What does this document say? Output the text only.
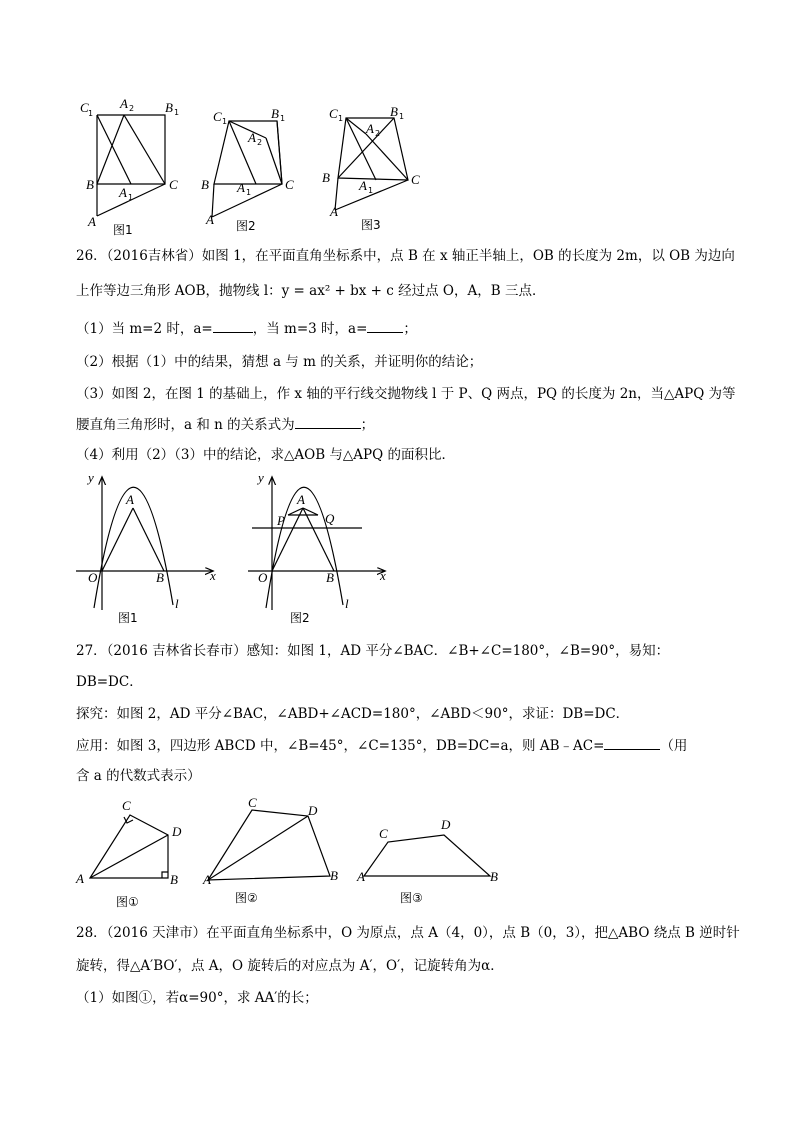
C 1
A 2 B 1
B
A 1
C
A
图1
C 1
B 1
A 2
B A 1
C
A 图2
C 1	B 1
A 2
B
A 1
C
A
图3
26．（2016吉林省）如图 1，在平面直角坐标系中，点 B 在 x 轴正半轴上，OB 的长度为 2m，以 OB 为边向
上作等边三角形 AOB，抛物线 l：y = ax² + bx + c 经过点 O，A，B 三点．
（1）当 m=2 时，a=	，当 m=3 时，a=	；
（2）根据（1）中的结果，猜想 a 与 m 的关系，并证明你的结论；
（3）如图 2，在图 1 的基础上，作 x 轴的平行线交抛物线 l 于 P、Q 两点，PQ 的长度为 2n，当△APQ 为等
腰直角三角形时，a 和 n 的关系式为	；
（4）利用（2）（3）中的结论，求△AOB 与△APQ 的面积比．
y
x
O
A
B
l
图1
y
x
O
A
P	Q
B
l
图2
27．（2016 吉林省长春市）感知：如图 1，AD 平分∠BAC．∠B+∠C=180°，∠B=90°，易知：
DB=DC．
探究：如图 2，AD 平分∠BAC，∠ABD+∠ACD=180°，∠ABD＜90°，求证：DB=DC．
应用：如图 3，四边形 ABCD 中，∠B=45°，∠C=135°，DB=DC=a，则 AB﹣AC=	（用
含 a 的代数式表示）
C
D
A	B
图①
C
D
A	B
图②
C
D
A	B
图③
28．（2016 天津市）在平面直角坐标系中，O 为原点，点 A（4，0），点 B（0，3），把△ABO 绕点 B 逆时针
旋转，得△A′BO′，点 A，O 旋转后的对应点为 A′，O′，记旋转角为α．
（1）如图①，若α=90°，求 AA′的长；
